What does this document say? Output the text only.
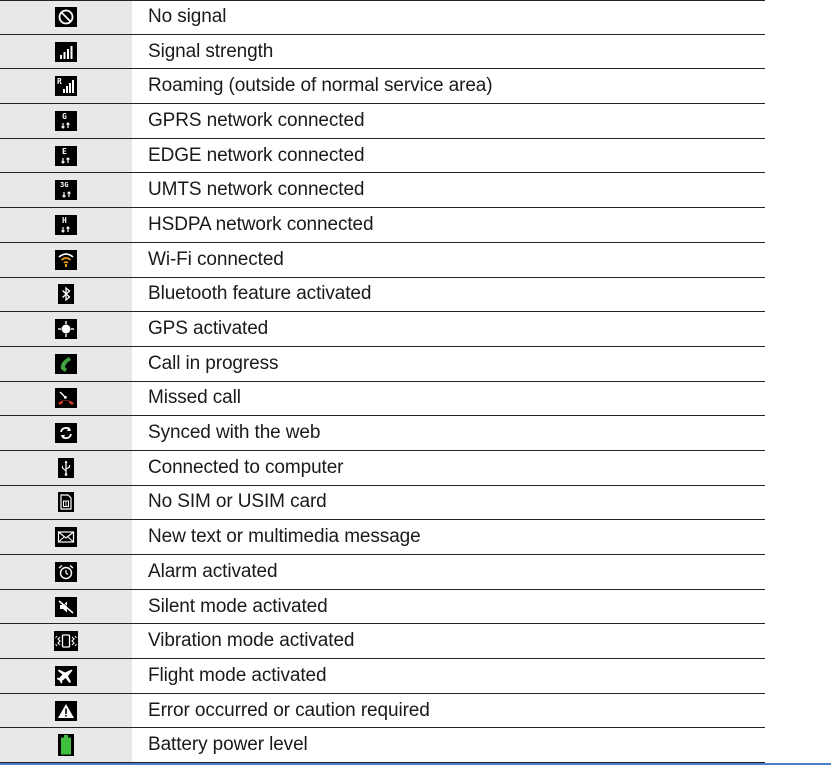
No signal
Signal strength
R	Roaming (outside of normal service area)
G	GPRS network connected
E	EDGE network connected
3G	UMTS network connected
H	HSDPA network connected
Wi-Fi connected
Bluetooth feature activated
GPS activated
Call in progress
Missed call
Synced with the web
Connected to computer
No SIM or USIM card
New text or multimedia message
Alarm activated
Silent mode activated
Vibration mode activated
Flight mode activated
Error occurred or caution required
Battery power level
